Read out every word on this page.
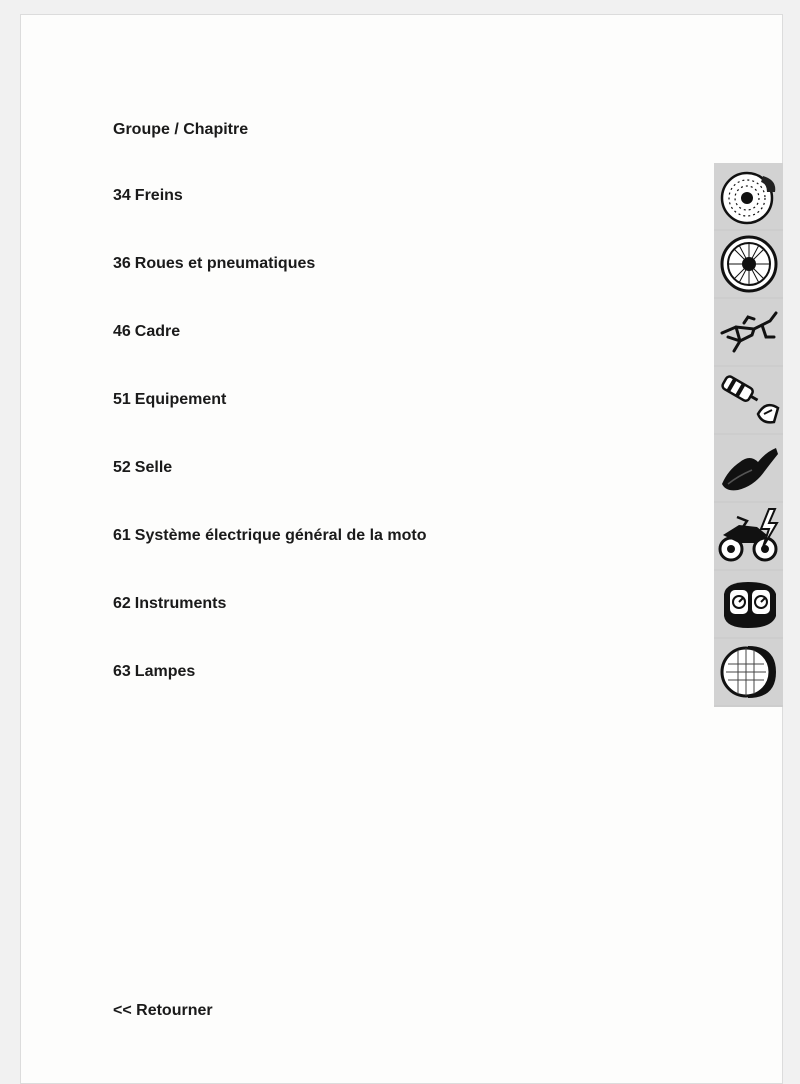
Groupe / Chapitre
34 Freins
36 Roues et pneumatiques
46 Cadre
51 Equipement
52 Selle
61 Système électrique général de la moto
62 Instruments
63 Lampes
<< Retourner
